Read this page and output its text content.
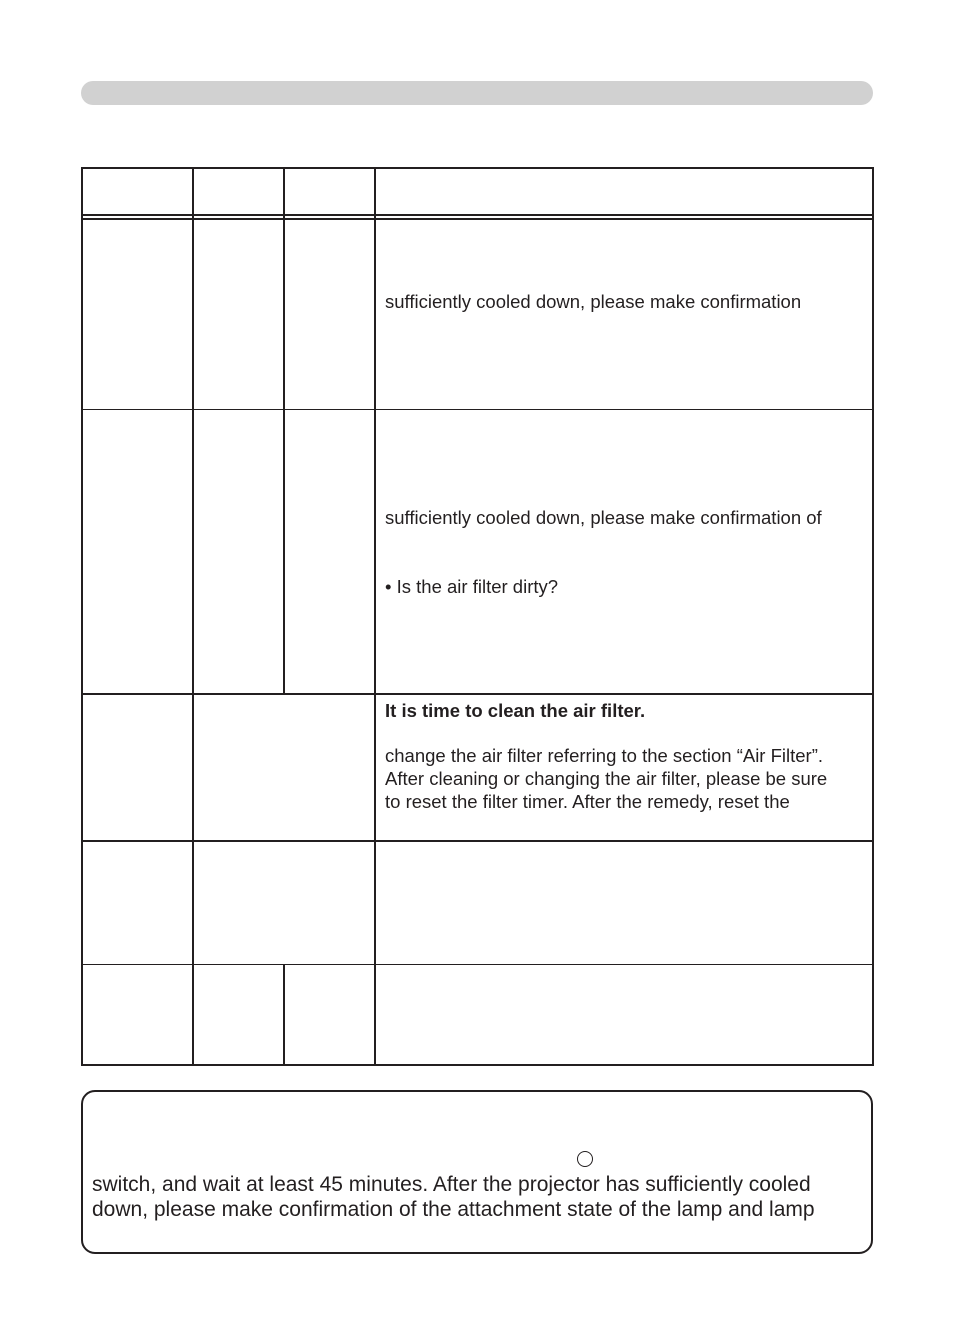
sufficiently cooled down, please make confirmation
sufficiently cooled down, please make confirmation of
• Is the air filter dirty?
It is time to clean the air filter.
change the air filter referring to the section “Air Filter”.
After cleaning or changing the air filter, please be sure
to reset the filter timer. After the remedy, reset the
switch, and wait at least 45 minutes. After the projector has sufficiently cooled
down, please make confirmation of the attachment state of the lamp and lamp
